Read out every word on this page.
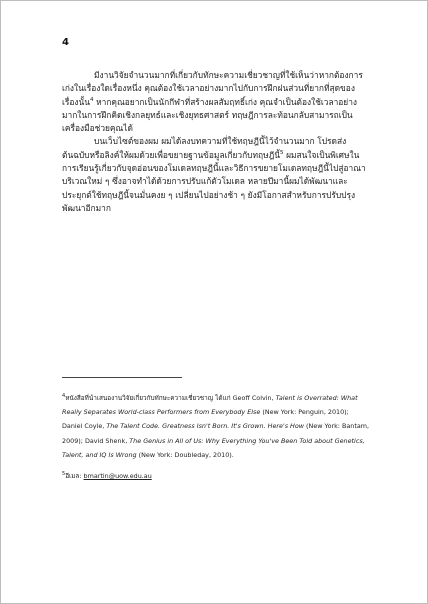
4

มีงานวิจัยจำนวนมากที่เกี่ยวกับทักษะความเชี่ยวชาญที่ใช้เห็นว่าหากต้องการเก่งในเรื่องใดเรื่องหนึ่ง คุณต้องใช้เวลาอย่างมากไปกับการฝึกฝนส่วนที่ยากที่สุดของเรื่องนั้น$^4$ หากคุณอยากเป็นนักกีฬาที่สร้างผลสัมฤทธิ์เก่ง คุณจำเป็นต้องใช้เวลาอย่างมากในการฝึกคิดเชิงกลยุทธ์และเชิงยุทธศาสตร์ ทฤษฎีการละท้อนกลับสามารถเป็นเครื่องมือช่วยคุณได้

บนเว็บไซต์ของผม ผมได้ลงบทความที่ใช้ทฤษฎีนี้ไว้จำนวนมาก โปรดส่งต้นฉบับหรือลิงค์ให้ผมด้วยเพื่อขยายฐานข้อมูลเกี่ยวกับทฤษฎีนี้$^5$ ผมสนใจเป็นพิเศษในการเรียนรู้เกี่ยวกับจุดอ่อนของโมเดลทฤษฎีนี้และวิธีการขยายโมเดลทฤษฎีนี้ไปสู่อาณาบริเวณใหม่ ๆ ซึ่งอาจทำได้ด้วยการปรับแก้ตัวโมเดล หลายปีมานี้ผมได้พัฒนาและประยุกต์ใช้ทฤษฎีนี้จนมั่นคงย ๆ เปลี่ยนไปอย่างช้า ๆ ยังมีโอกาสสำหรับการปรับปรุงพัฒนาอีกมาก

$^4$หนังสือที่นำเสนองานวิจัยเกี่ยวกับทักษะความเชี่ยวชาญ ได้แก่ Geoff Colvin, Talent is Overrated: What Really Separates World-class Performers from Everybody Else (New York: Penguin, 2010); Daniel Coyle, The Talent Code. Greatness Isn't Born. It's Grown. Here's How (New York: Bantam, 2009); David Shenk, The Genius in All of Us: Why Everything You've Been Told about Genetics, Talent, and IQ Is Wrong (New York: Doubleday, 2010).

$^5$อีเมล: bmartin@uow.edu.au
